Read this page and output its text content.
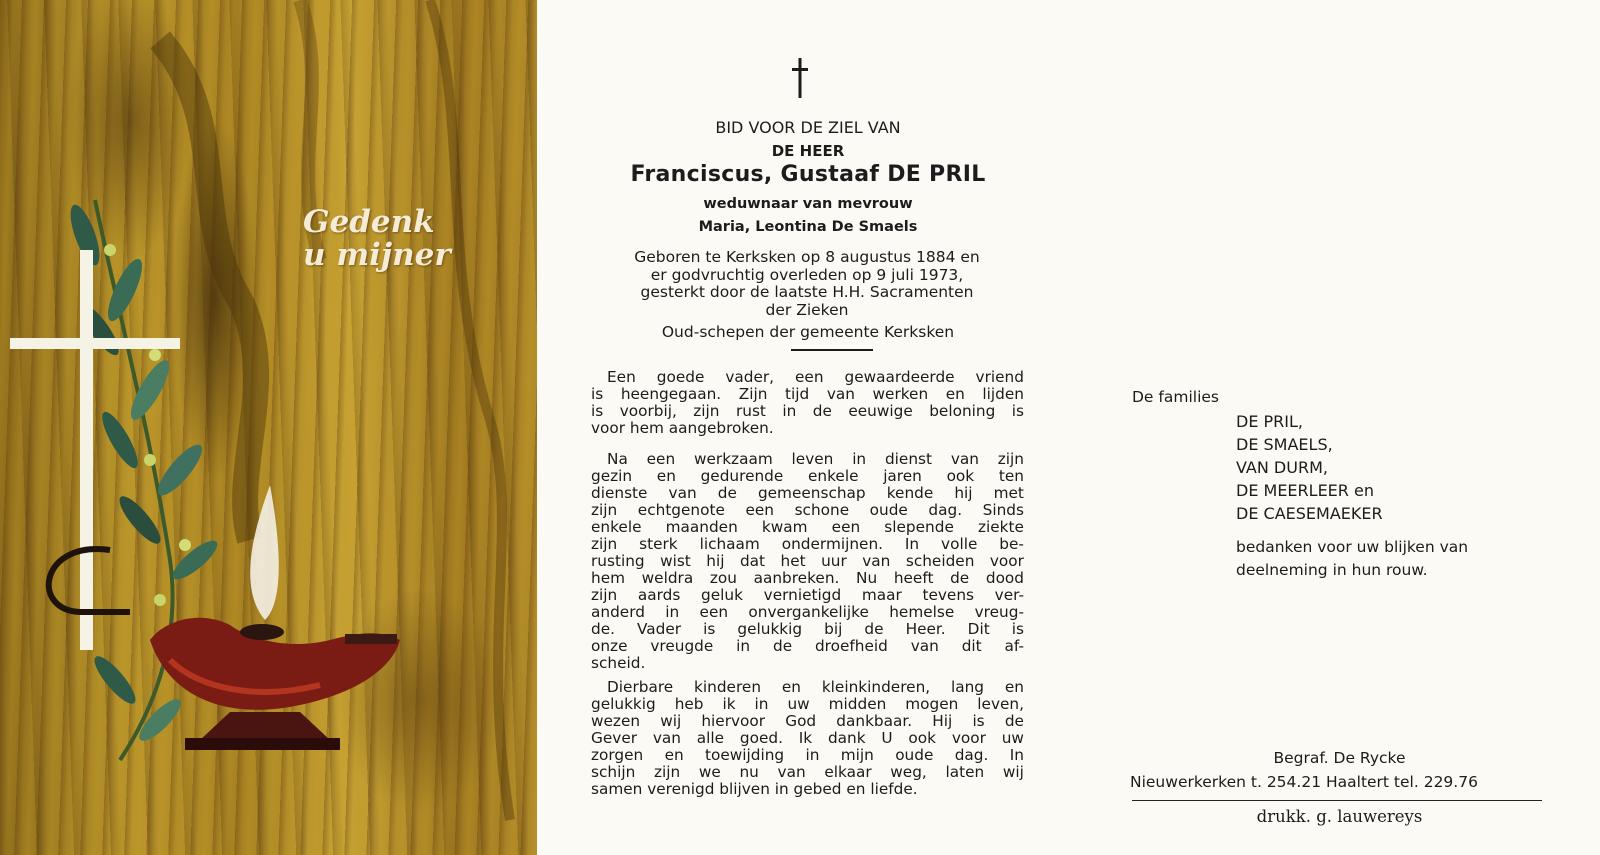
Gedenk
u mijner

BID VOOR DE ZIEL VAN

DE HEER

Franciscus, Gustaaf DE PRIL

weduwnaar van mevrouw

Maria, Leontina De Smaels

Geboren te Kerksken op 8 augustus 1884 en
er godvruchtig overleden op 9 juli 1973,
gesterkt door de laatste H.H. Sacramenten
der Zieken

Oud-schepen der gemeente Kerksken

Een goede vader, een gewaardeerde vriend
is heengegaan. Zijn tijd van werken en lijden
is voorbij, zijn rust in de eeuwige beloning is
voor hem aangebroken.
Na een werkzaam leven in dienst van zijn
gezin en gedurende enkele jaren ook ten
dienste van de gemeenschap kende hij met
zijn echtgenote een schone oude dag. Sinds
enkele maanden kwam een slepende ziekte
zijn sterk lichaam ondermijnen. In volle be-
rusting wist hij dat het uur van scheiden voor
hem weldra zou aanbreken. Nu heeft de dood
zijn aards geluk vernietigd maar tevens ver-
anderd in een onvergankelijke hemelse vreug-
de. Vader is gelukkig bij de Heer. Dit is
onze vreugde in de droefheid van dit af-
scheid.
Dierbare kinderen en kleinkinderen, lang en
gelukkig heb ik in uw midden mogen leven,
wezen wij hiervoor God dankbaar. Hij is de
Gever van alle goed. Ik dank U ook voor uw
zorgen en toewijding in mijn oude dag. In
schijn zijn we nu van elkaar weg, laten wij
samen verenigd blijven in gebed en liefde.

De families

DE PRIL,
DE SMAELS,
VAN DURM,
DE MEERLEER en
DE CAESEMAEKER
bedanken voor uw blijken van
deelneming in hun rouw.
Begraf. De Rycke
Nieuwerkerken t. 254.21 Haaltert tel. 229.76
drukk. g. lauwereys
